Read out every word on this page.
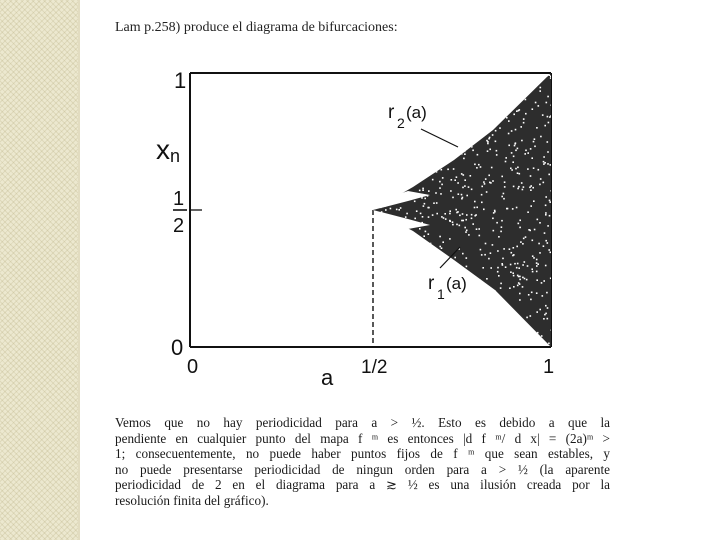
Lam p.258) produce el diagrama de bifurcaciones:
1
1
2
0
x n
0	1/2	1
a
r 2
(a)
r 1
(a)
Vemos que no hay periodicidad para a > ½. Esto es debido a que la
pendiente en cualquier punto del mapa f ᵐ es entonces |d f ᵐ/ d x| = (2a)ᵐ >
1; consecuentemente, no puede haber puntos fijos de f ᵐ que sean estables, y
no puede presentarse periodicidad de ningun orden para a > ½ (la aparente
periodicidad de 2 en el diagrama para a ≳ ½ es una ilusión creada por la
resolución finita del gráfico).
